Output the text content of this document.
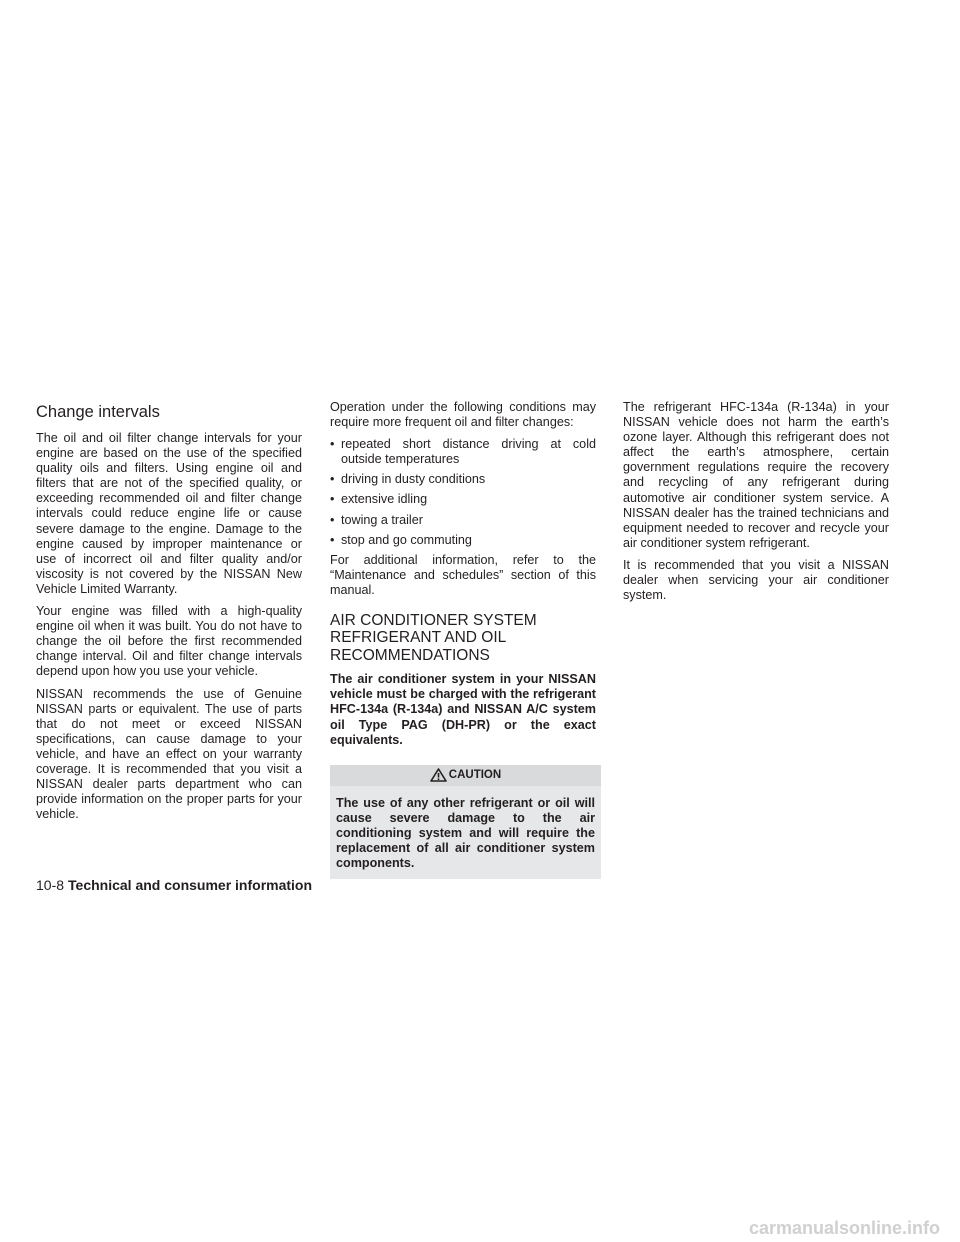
Change intervals

The oil and oil filter change intervals for your engine are based on the use of the specified quality oils and filters. Using engine oil and filters that are not of the specified quality, or exceeding recommended oil and filter change intervals could reduce engine life or cause severe damage to the engine. Damage to the engine caused by improper maintenance or use of incorrect oil and filter quality and/or viscosity is not covered by the NISSAN New Vehicle Limited Warranty.

Your engine was filled with a high-quality engine oil when it was built. You do not have to change the oil before the first recommended change interval. Oil and filter change intervals depend upon how you use your vehicle.

NISSAN recommends the use of Genuine NISSAN parts or equivalent. The use of parts that do not meet or exceed NISSAN specifications, can cause damage to your vehicle, and have an effect on your warranty coverage. It is recommended that you visit a NISSAN dealer parts department who can provide information on the proper parts for your vehicle.

Operation under the following conditions may require more frequent oil and filter changes:

• repeated short distance driving at cold outside temperatures
• driving in dusty conditions
• extensive idling
• towing a trailer
• stop and go commuting

For additional information, refer to the “Maintenance and schedules” section of this manual.

AIR CONDITIONER SYSTEM REFRIGERANT AND OIL RECOMMENDATIONS

The air conditioner system in your NISSAN vehicle must be charged with the refrigerant HFC-134a (R-134a) and NISSAN A/C system oil Type PAG (DH-PR) or the exact equivalents.

CAUTION
The use of any other refrigerant or oil will cause severe damage to the air conditioning system and will require the replacement of all air conditioner system components.

The refrigerant HFC-134a (R-134a) in your NISSAN vehicle does not harm the earth’s ozone layer. Although this refrigerant does not affect the earth’s atmosphere, certain government regulations require the recovery and recycling of any refrigerant during automotive air conditioner system service. A NISSAN dealer has the trained technicians and equipment needed to recover and recycle your air conditioner system refrigerant.

It is recommended that you visit a NISSAN dealer when servicing your air conditioner system.

10-8 Technical and consumer information
carmanualsonline.info
